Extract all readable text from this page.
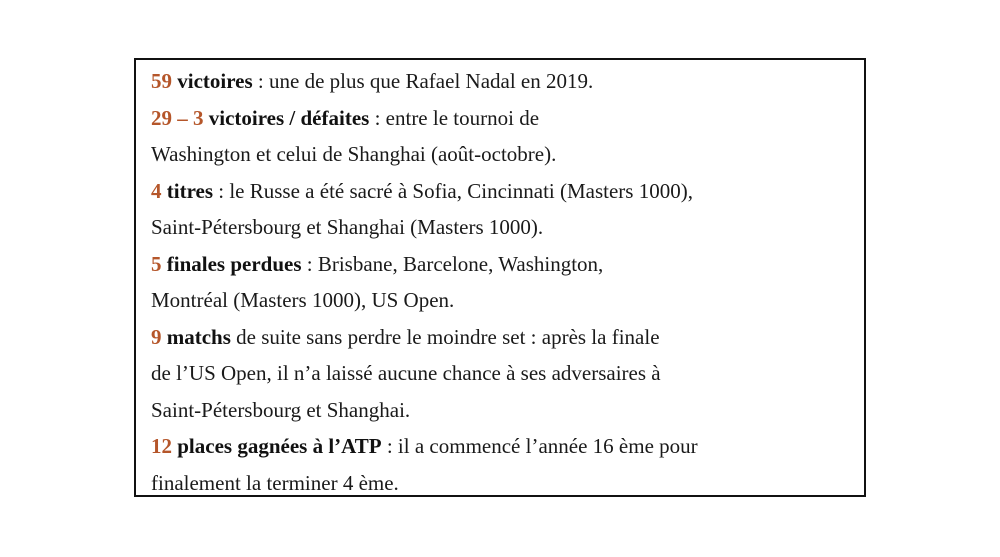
59 victoires : une de plus que Rafael Nadal en 2019.
29 – 3 victoires / défaites : entre le tournoi de
Washington et celui de Shanghai (août-octobre).
4 titres : le Russe a été sacré à Sofia, Cincinnati (Masters 1000),
Saint-Pétersbourg et Shanghai (Masters 1000).
5 finales perdues : Brisbane, Barcelone, Washington,
Montréal (Masters 1000), US Open.
9 matchs de suite sans perdre le moindre set : après la finale
de l’US Open, il n’a laissé aucune chance à ses adversaires à
Saint-Pétersbourg et Shanghai.
12 places gagnées à l’ATP : il a commencé l’année 16 ème pour
finalement la terminer 4 ème.
